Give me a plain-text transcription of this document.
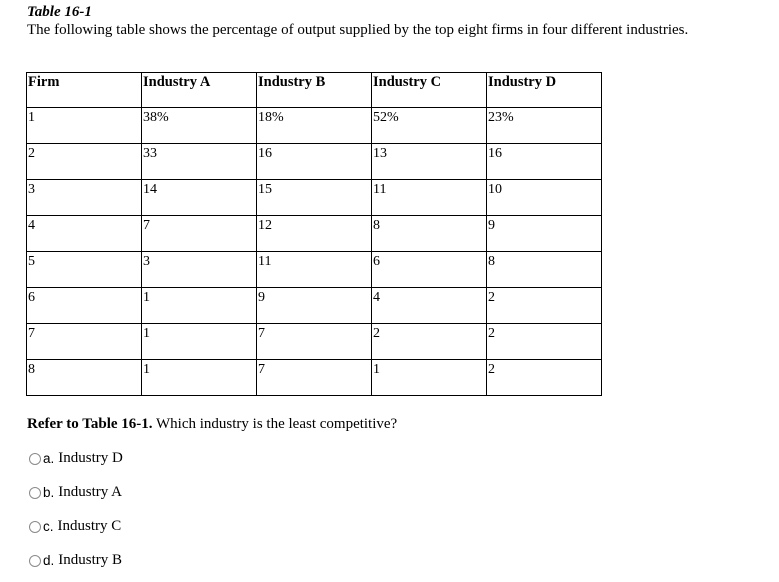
Table 16-1

The following table shows the percentage of output supplied by the top eight firms in four different industries.

Firm	Industry A	Industry B	Industry C	Industry D
1	38%	18%	52%	23%
2	33	16	13	16
3	14	15	11	10
4	7	12	8	9
5	3	11	6	8
6	1	9	4	2
7	1	7	2	2
8	1	7	1	2

Refer to Table 16-1. Which industry is the least competitive?

a. Industry D
b. Industry A
c. Industry C
d. Industry B
